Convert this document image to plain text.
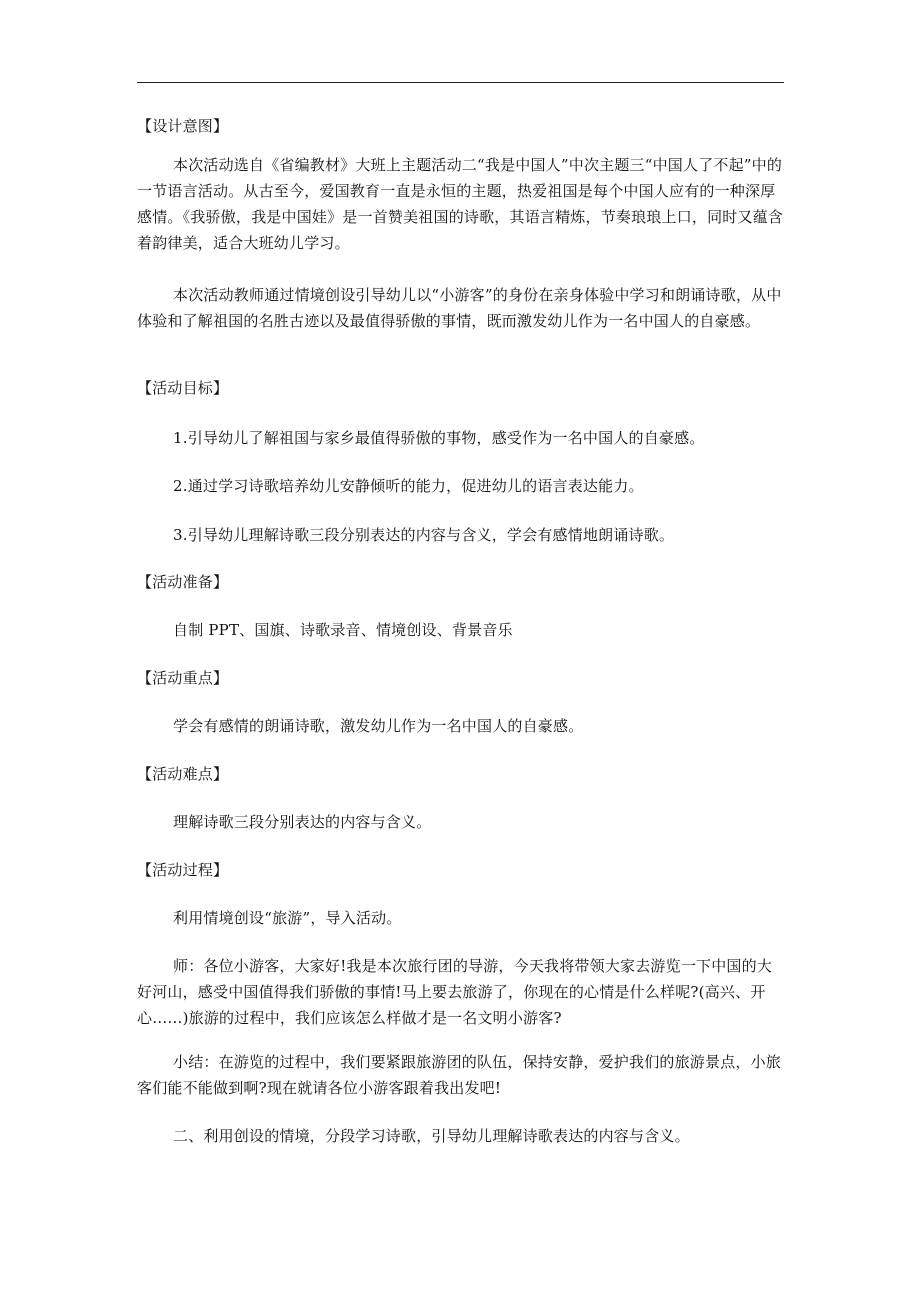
【设计意图】

本次活动选自《省编教材》大班上主题活动二“我是中国人”中次主题三“中国人了不起”中的一节语言活动。从古至今，爱国教育一直是永恒的主题，热爱祖国是每个中国人应有的一种深厚感情。《我骄傲，我是中国娃》是一首赞美祖国的诗歌，其语言精炼，节奏琅琅上口，同时又蕴含着韵律美，适合大班幼儿学习。

本次活动教师通过情境创设引导幼儿以“小游客”的身份在亲身体验中学习和朗诵诗歌，从中体验和了解祖国的名胜古迹以及最值得骄傲的事情，既而激发幼儿作为一名中国人的自豪感。

【活动目标】

1.引导幼儿了解祖国与家乡最值得骄傲的事物，感受作为一名中国人的自豪感。

2.通过学习诗歌培养幼儿安静倾听的能力，促进幼儿的语言表达能力。

3.引导幼儿理解诗歌三段分别表达的内容与含义，学会有感情地朗诵诗歌。

【活动准备】

自制 PPT、国旗、诗歌录音、情境创设、背景音乐

【活动重点】

学会有感情的朗诵诗歌，激发幼儿作为一名中国人的自豪感。

【活动难点】

理解诗歌三段分别表达的内容与含义。

【活动过程】

利用情境创设“旅游”，导入活动。

师：各位小游客，大家好!我是本次旅行团的导游，今天我将带领大家去游览一下中国的大好河山，感受中国值得我们骄傲的事情!马上要去旅游了，你现在的心情是什么样呢?(高兴、开心……)旅游的过程中，我们应该怎么样做才是一名文明小游客?

小结：在游览的过程中，我们要紧跟旅游团的队伍，保持安静，爱护我们的旅游景点，小旅客们能不能做到啊?现在就请各位小游客跟着我出发吧!

二、利用创设的情境，分段学习诗歌，引导幼儿理解诗歌表达的内容与含义。
